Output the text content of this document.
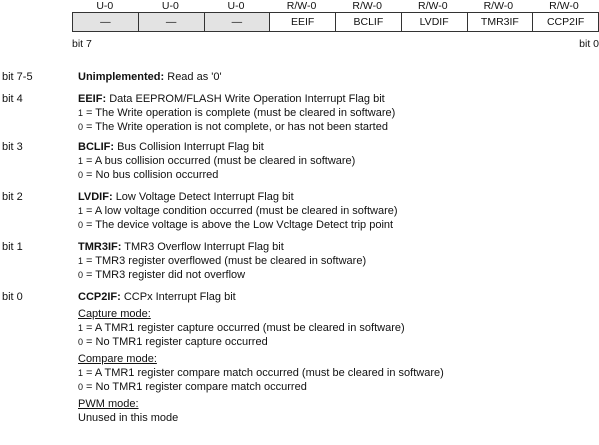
U-0	U-0	U-0	R/W-0	R/W-0	R/W-0	R/W-0	R/W-0
—	—	—	EEIF	BCLIF	LVDIF	TMR3IF	CCP2IF
bit 7	bit 0
bit 7-5	Unimplemented: Read as '0'
bit 4	EEIF: Data EEPROM/FLASH Write Operation Interrupt Flag bit
1 = The Write operation is complete (must be cleared in software)
0 = The Write operation is not complete, or has not been started
bit 3	BCLIF: Bus Collision Interrupt Flag bit
1 = A bus collision occurred (must be cleared in software)
0 = No bus collision occurred
bit 2	LVDIF: Low Voltage Detect Interrupt Flag bit
1 = A low voltage condition occurred (must be cleared in software)
0 = The device voltage is above the Low Vcltage Detect trip point
bit 1	TMR3IF: TMR3 Overflow Interrupt Flag bit
1 = TMR3 register overflowed (must be cleared in software)
0 = TMR3 register did not overflow
bit 0	CCP2IF: CCPx Interrupt Flag bit
Capture mode:
1 = A TMR1 register capture occurred (must be cleared in software)
0 = No TMR1 register capture occurred
Compare mode:
1 = A TMR1 register compare match occurred (must be cleared in software)
0 = No TMR1 register compare match occurred
PWM mode:
Unused in this mode
